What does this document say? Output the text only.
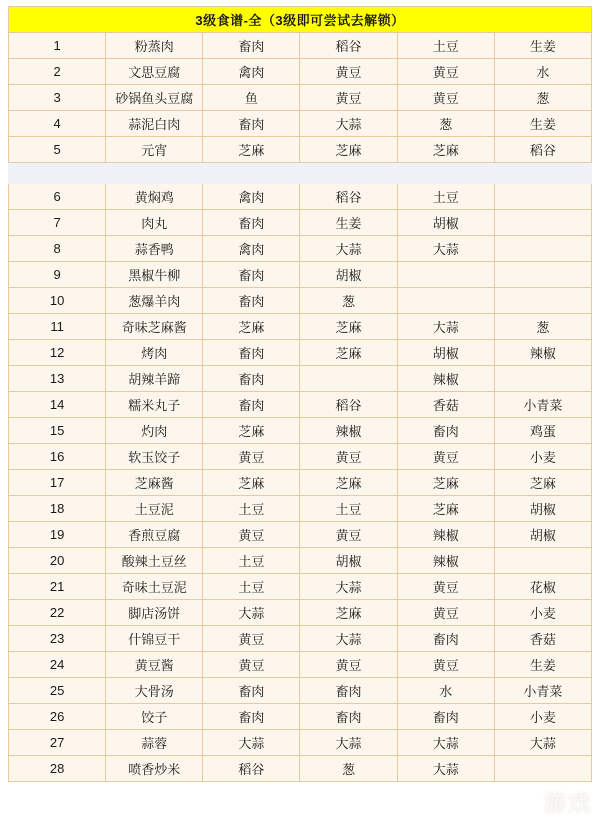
3级食谱-全（3级即可尝试去解锁）					
1	粉蒸肉	畜肉	稻谷	土豆	生姜
2	文思豆腐	禽肉	黄豆	黄豆	水
3	砂锅鱼头豆腐	鱼	黄豆	黄豆	葱
4	蒜泥白肉	畜肉	大蒜	葱	生姜
5	元宵	芝麻	芝麻	芝麻	稻谷

6	黄焖鸡	禽肉	稻谷	土豆	
7	肉丸	畜肉	生姜	胡椒	
8	蒜香鸭	禽肉	大蒜	大蒜	
9	黑椒牛柳	畜肉	胡椒		
10	葱爆羊肉	畜肉	葱		
11	奇味芝麻酱	芝麻	芝麻	大蒜	葱
12	烤肉	畜肉	芝麻	胡椒	辣椒
13	胡辣羊蹄	畜肉		辣椒	
14	糯米丸子	畜肉	稻谷	香菇	小青菜
15	灼肉	芝麻	辣椒	畜肉	鸡蛋
16	软玉饺子	黄豆	黄豆	黄豆	小麦
17	芝麻酱	芝麻	芝麻	芝麻	芝麻
18	土豆泥	土豆	土豆	芝麻	胡椒
19	香煎豆腐	黄豆	黄豆	辣椒	胡椒
20	酸辣土豆丝	土豆	胡椒	辣椒	
21	奇味土豆泥	土豆	大蒜	黄豆	花椒
22	脚店汤饼	大蒜	芝麻	黄豆	小麦
23	什锦豆干	黄豆	大蒜	畜肉	香菇
24	黄豆酱	黄豆	黄豆	黄豆	生姜
25	大骨汤	畜肉	畜肉	水	小青菜
26	饺子	畜肉	畜肉	畜肉	小麦
27	蒜蓉	大蒜	大蒜	大蒜	大蒜
28	喷香炒米	稻谷	葱	大蒜	
游戏
